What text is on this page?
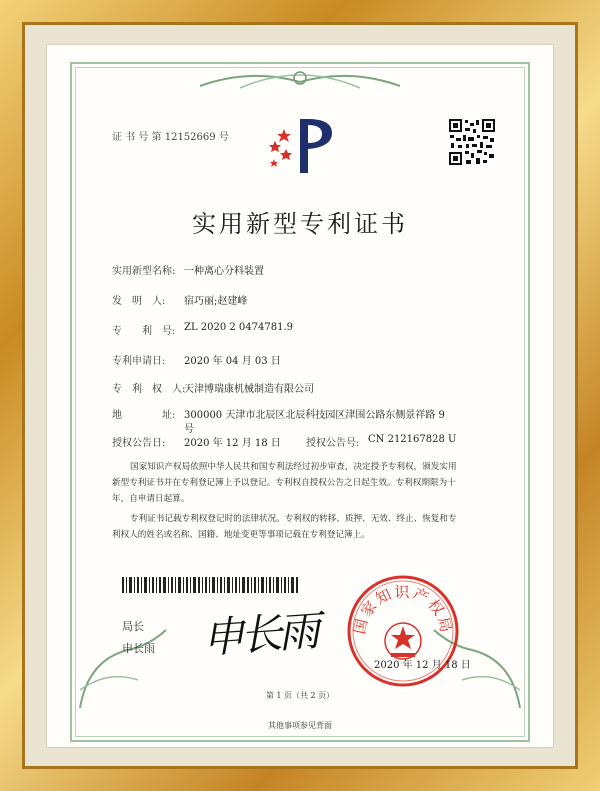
证 书 号 第 12152669 号
实用新型专利证书
实用新型名称: 一种离心分料装置
发　明　人: 宿巧丽;赵建峰
专　　利　号: ZL 2020 2 0474781.9
专利申请日: 2020 年 04 月 03 日
专　利　权　人:
天津博瑞康机械制造有限公司
地　　　　址: 300000 天津市北辰区北辰科技园区津围公路东侧景祥路 9
号
授权公告日: 2020 年 12 月 18 日	授权公告号: CN 212167828 U
国家知识产权局依照中华人民共和国专利法经过初步审查，决定授予专利权，颁发实用
新型专利证书并在专利登记簿上予以登记。专利权自授权公告之日起生效。专利权期限为十
年，自申请日起算。
专利证书记载专利权登记时的法律状况。专利权的转移、质押、无效、终止、恢复和专
利权人的姓名或名称、国籍、地址变更等事项记载在专利登记簿上。
局长
申长雨 申长雨 国家知识产权局
2020 年 12 月 18 日
第 1 页（共 2 页）
其他事项参见背面
